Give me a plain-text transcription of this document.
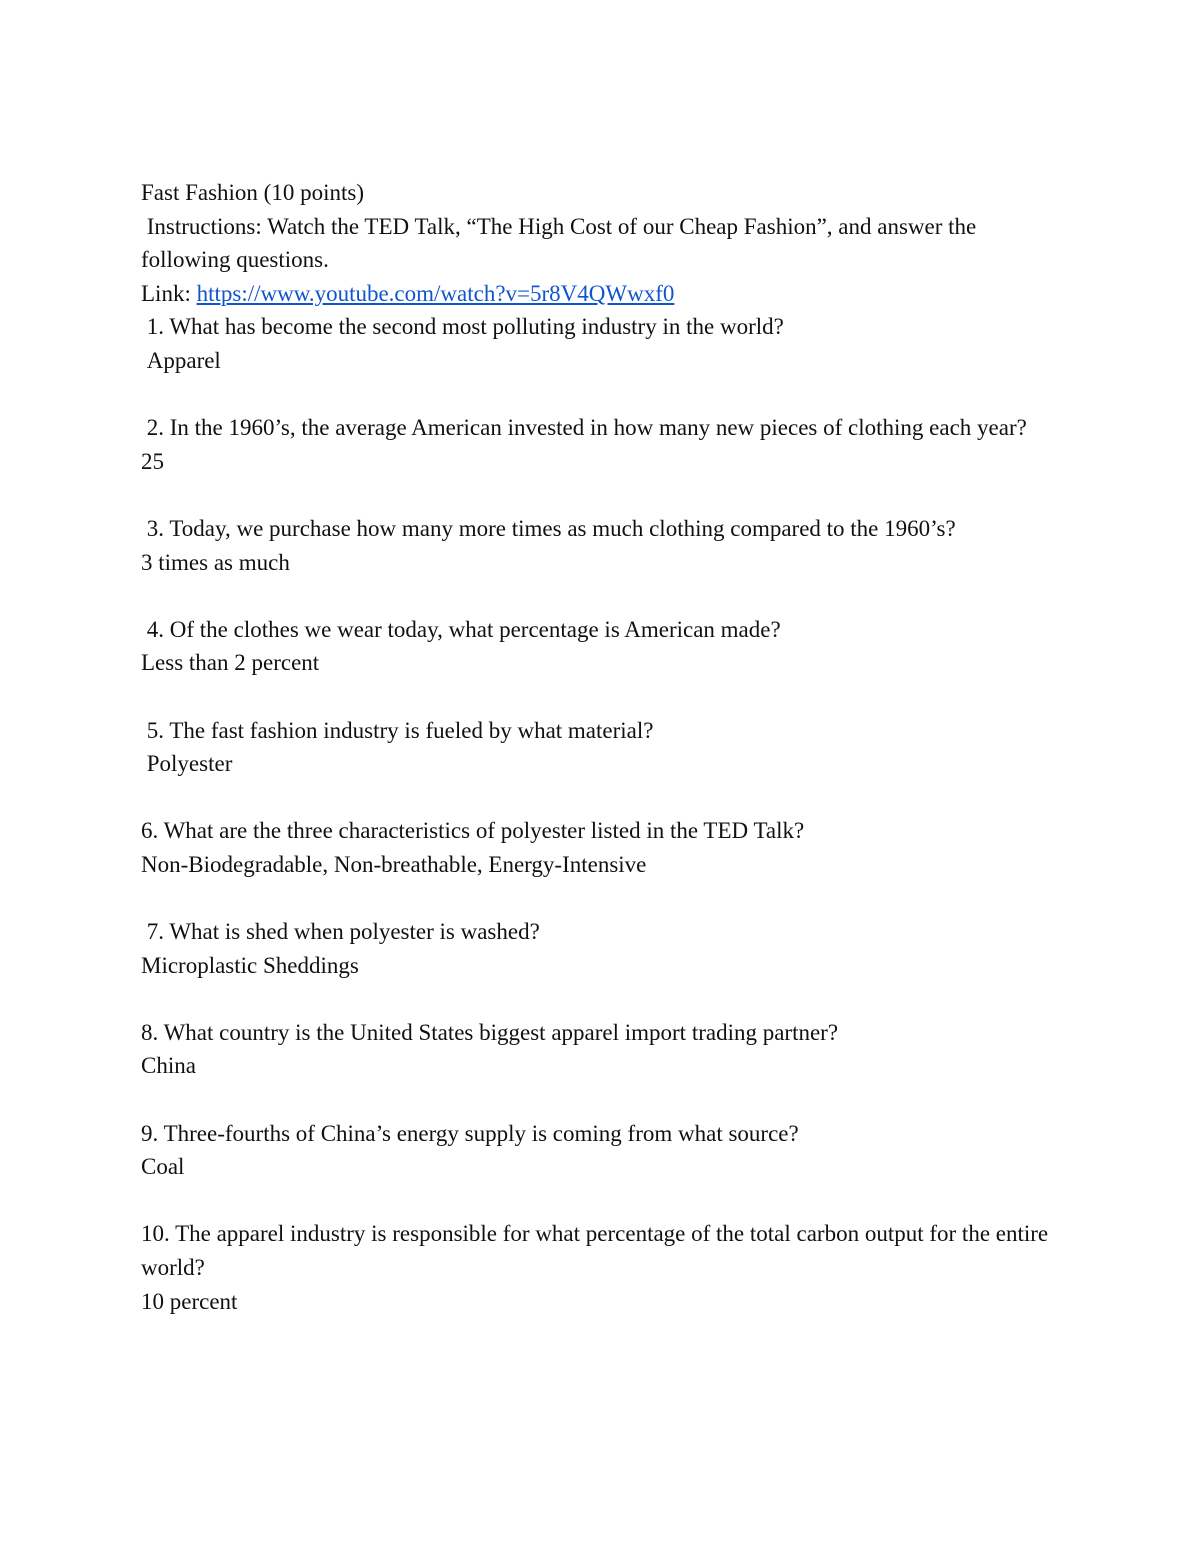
Fast Fashion (10 points)
Instructions: Watch the TED Talk, “The High Cost of our Cheap Fashion”, and answer the following questions.
Link: https://www.youtube.com/watch?v=5r8V4QWwxf0
1. What has become the second most polluting industry in the world?
Apparel
2. In the 1960’s, the average American invested in how many new pieces of clothing each year?
25
3. Today, we purchase how many more times as much clothing compared to the 1960’s?
3 times as much
4. Of the clothes we wear today, what percentage is American made?
Less than 2 percent
5. The fast fashion industry is fueled by what material?
Polyester
6. What are the three characteristics of polyester listed in the TED Talk?
Non-Biodegradable, Non-breathable, Energy-Intensive
7. What is shed when polyester is washed?
Microplastic Sheddings
8. What country is the United States biggest apparel import trading partner?
China
9. Three-fourths of China’s energy supply is coming from what source?
Coal
10. The apparel industry is responsible for what percentage of the total carbon output for the entire world?
10 percent
